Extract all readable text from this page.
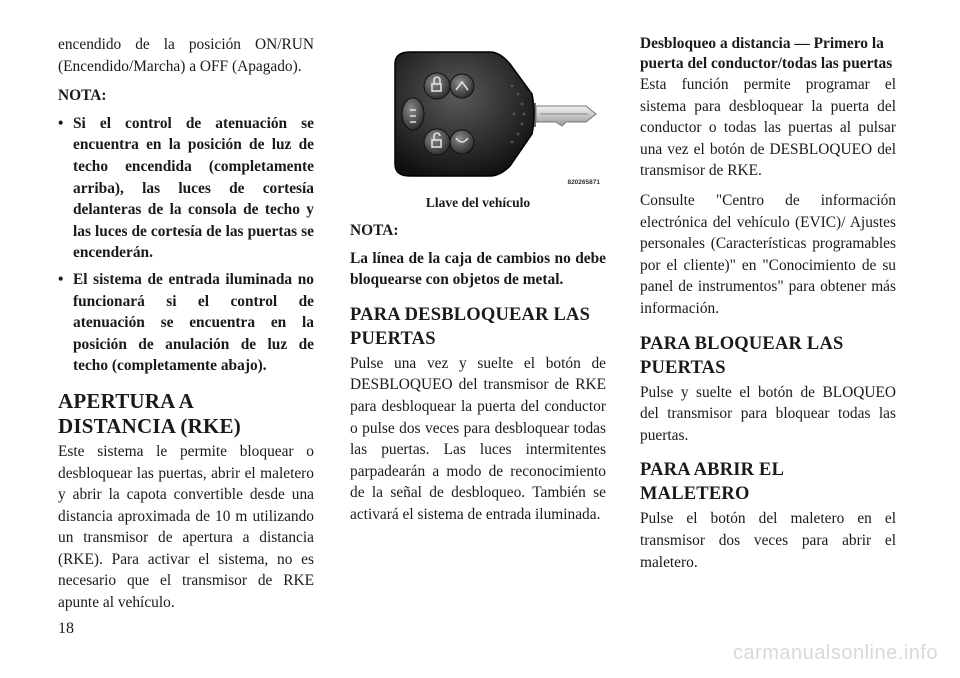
encendido de la posición ON/RUN (Encendido/Marcha) a OFF (Apagado).

NOTA:
• Si el control de atenuación se encuentra en la posición de luz de techo encendida (completamente arriba), las luces de cortesía delanteras de la consola de techo y las luces de cortesía de las puertas se encenderán.
• El sistema de entrada iluminada no funcionará si el control de atenuación se encuentra en la posición de anulación de luz de techo (completamente abajo).
APERTURA A DISTANCIA (RKE)

Este sistema le permite bloquear o desbloquear las puertas, abrir el maletero y abrir la capota convertible desde una distancia aproximada de 10 m utilizando un transmisor de apertura a distancia (RKE). Para activar el sistema, no es necesario que el transmisor de RKE apunte al vehículo.

820265871
Llave del vehículo
NOTA:

La línea de la caja de cambios no debe bloquearse con objetos de metal.

PARA DESBLOQUEAR LAS PUERTAS

Pulse una vez y suelte el botón de DESBLOQUEO del transmisor de RKE para desbloquear la puerta del conductor o pulse dos veces para desbloquear todas las puertas. Las luces intermitentes parpadearán a modo de reconocimiento de la señal de desbloqueo. También se activará el sistema de entrada iluminada.

Desbloqueo a distancia — Primero la puerta del conductor/todas las puertas

Esta función permite programar el sistema para desbloquear la puerta del conductor o todas las puertas al pulsar una vez el botón de DESBLOQUEO del transmisor de RKE.

Consulte "Centro de información electrónica del vehículo (EVIC)/ Ajustes personales (Características programables por el cliente)" en "Conocimiento de su panel de instrumentos" para obtener más información.

PARA BLOQUEAR LAS PUERTAS

Pulse y suelte el botón de BLOQUEO del transmisor para bloquear todas las puertas.

PARA ABRIR EL MALETERO

Pulse el botón del maletero en el transmisor dos veces para abrir el maletero.

18
carmanualsonline.info
